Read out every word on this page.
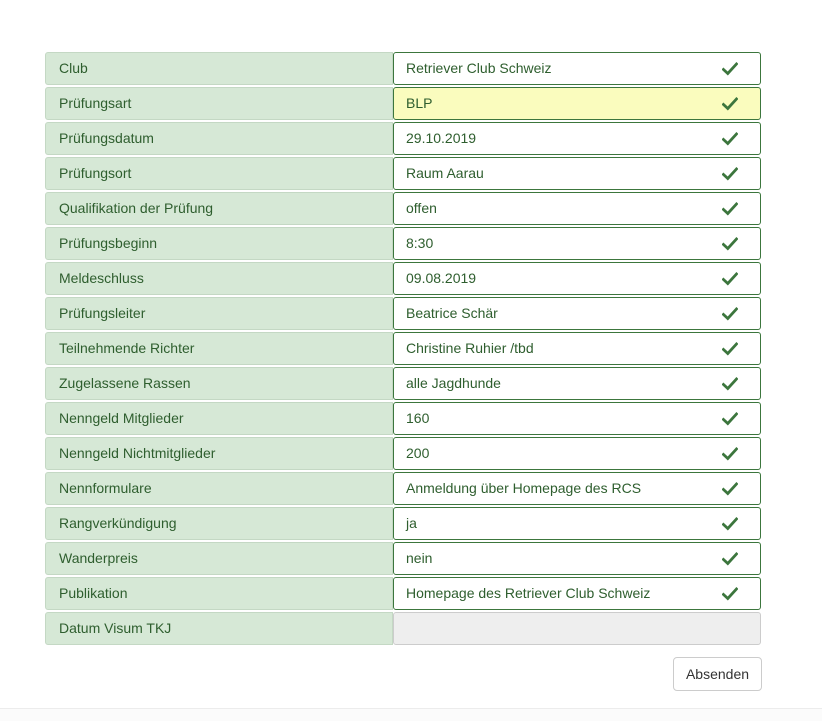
Club	Retriever Club Schweiz
Prüfungsart	BLP
Prüfungsdatum	29.10.2019
Prüfungsort	Raum Aarau
Qualifikation der Prüfung	offen
Prüfungsbeginn	8:30
Meldeschluss	09.08.2019
Prüfungsleiter	Beatrice Schär
Teilnehmende Richter	Christine Ruhier /tbd
Zugelassene Rassen	alle Jagdhunde
Nenngeld Mitglieder	160
Nenngeld Nichtmitglieder	200
Nennformulare	Anmeldung über Homepage des RCS
Rangverkündigung	ja
Wanderpreis	nein
Publikation	Homepage des Retriever Club Schweiz
Datum Visum TKJ
Absenden
